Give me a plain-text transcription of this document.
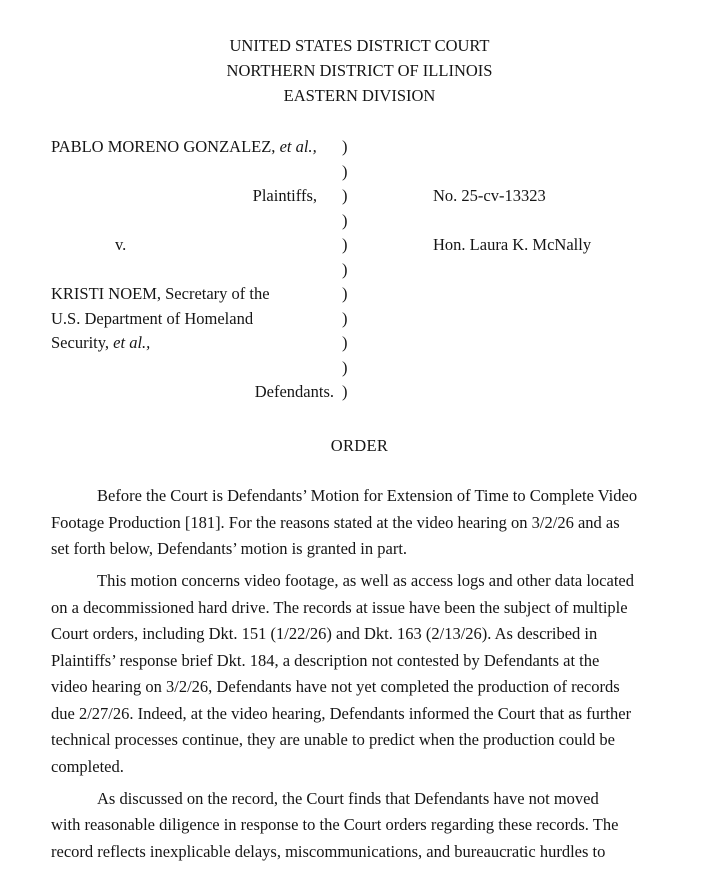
UNITED STATES DISTRICT COURT
NORTHERN DISTRICT OF ILLINOIS
EASTERN DIVISION
PABLO MORENO GONZALEZ, et al.,
Plaintiffs,
v.
KRISTI NOEM, Secretary of the
U.S. Department of Homeland
Security, et al.,
Defendants.
)
)
)
)
)
)
)
)
)
)
)
No. 25-cv-13323
Hon. Laura K. McNally
ORDER
Before the Court is Defendants’ Motion for Extension of Time to Complete Video
Footage Production [181]. For the reasons stated at the video hearing on 3/2/26 and as
set forth below, Defendants’ motion is granted in part.
This motion concerns video footage, as well as access logs and other data located
on a decommissioned hard drive. The records at issue have been the subject of multiple
Court orders, including Dkt. 151 (1/22/26) and Dkt. 163 (2/13/26). As described in
Plaintiffs’ response brief Dkt. 184, a description not contested by Defendants at the
video hearing on 3/2/26, Defendants have not yet completed the production of records
due 2/27/26. Indeed, at the video hearing, Defendants informed the Court that as further
technical processes continue, they are unable to predict when the production could be
completed.
As discussed on the record, the Court finds that Defendants have not moved
with reasonable diligence in response to the Court orders regarding these records. The
record reflects inexplicable delays, miscommunications, and bureaucratic hurdles to
